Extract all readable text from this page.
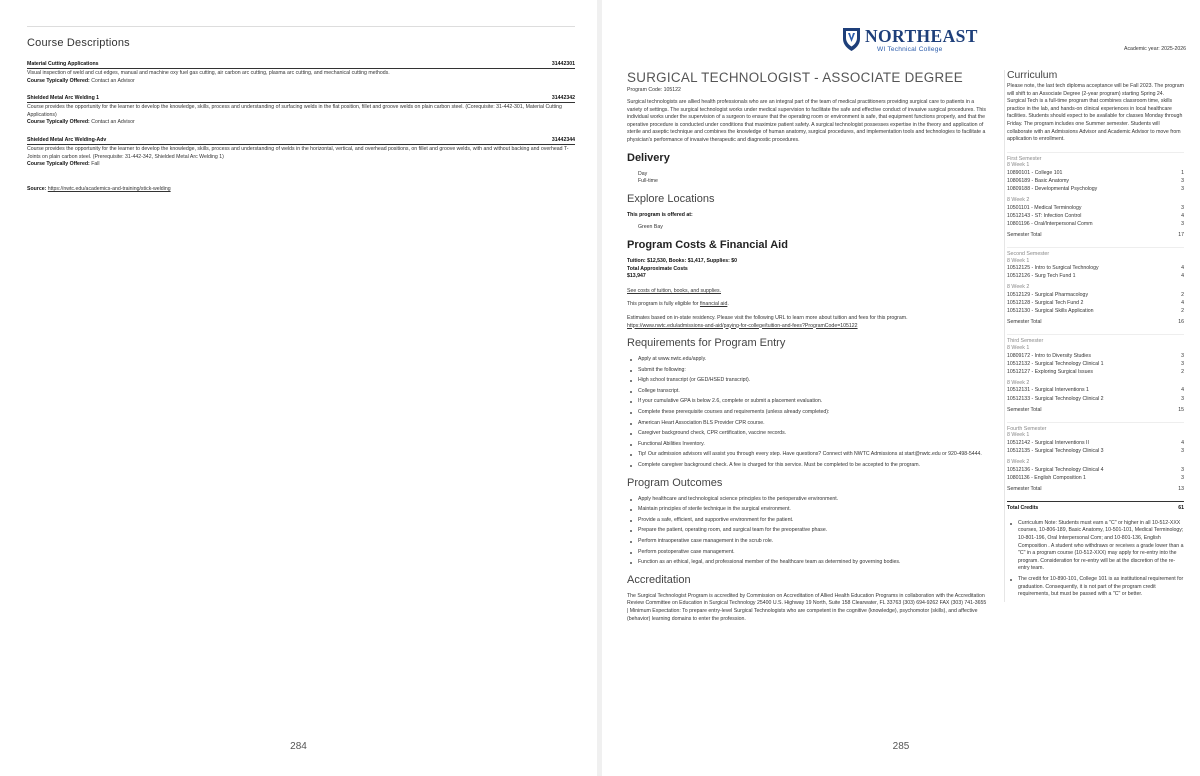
Course Descriptions
Material Cutting Applications	31442301
Visual inspection of weld and cut edges, manual and machine oxy fuel gas cutting, air carbon arc cutting, plasma arc cutting, and mechanical cutting methods.
Course Typically Offered: Contact an Advisor
Shielded Metal Arc Welding 1	31442342
Course provides the opportunity for the learner to develop the knowledge, skills, process and understanding of surfacing welds in the flat position, fillet and groove welds on plain carbon steel. (Corequisite: 31-442-301, Material Cutting Applications)
Course Typically Offered: Contact an Advisor
Shielded Metal Arc Welding-Adv	31442344
Course provides the opportunity for the learner to develop the knowledge, skills, process and understanding of welds in the horizontal, vertical, and overhead positions, on fillet and groove welds, with and without backing and overhead T-Joints on plain carbon steel. (Prerequisite: 31-442-342, Shielded Metal Arc Welding 1)
Course Typically Offered: Fall
Source: https://nwtc.edu/academics-and-training/stick-welding
284
NORTHEAST
WI Technical College	Academic year: 2025-2026
SURGICAL TECHNOLOGIST - ASSOCIATE DEGREE
Program Code: 105122
Surgical technologists are allied health professionals who are an integral part of the team of medical practitioners providing surgical care to patients in a variety of settings. The surgical technologist works under medical supervision to facilitate the safe and effective conduct of invasive surgical procedures. This individual works under the supervision of a surgeon to ensure that the operating room or environment is safe, that equipment functions properly, and that the operative procedure is conducted under conditions that maximize patient safety. A surgical technologist possesses expertise in the theory and application of sterile and aseptic technique and combines the knowledge of human anatomy, surgical procedures, and implementation tools and technologies to facilitate a physician's performance of invasive therapeutic and diagnostic procedures.
Delivery
Day
Full-time
Explore Locations
This program is offered at:
Green Bay
Program Costs & Financial Aid
Tuition: $12,530, Books: $1,417, Supplies: $0
Total Approximate Costs
$13,947
See costs of tuition, books, and supplies.
This program is fully eligible for financial aid.
Estimates based on in-state residency. Please visit the following URL to learn more about tuition and fees for this program.
https://www.nwtc.edu/admissions-and-aid/paying-for-college/tuition-and-fees?ProgramCode=105122
Requirements for Program Entry
Apply at www.nwtc.edu/apply.
Submit the following:
High school transcript (or GED/HSED transcript).
College transcript.
If your cumulative GPA is below 2.6, complete or submit a placement evaluation.
Complete these prerequisite courses and requirements (unless already completed):
American Heart Association BLS Provider CPR course.
Caregiver background check, CPR certification, vaccine records.
Functional Abilities Inventory.
Tip! Our admission advisors will assist you through every step. Have questions? Connect with NWTC Admissions at start@nwtc.edu or 920-498-5444.
Complete caregiver background check. A fee is charged for this service. Must be completed to be accepted to the program.
Program Outcomes
Apply healthcare and technological science principles to the perioperative environment.
Maintain principles of sterile technique in the surgical environment.
Provide a safe, efficient, and supportive environment for the patient.
Prepare the patient, operating room, and surgical team for the preoperative phase.
Perform intraoperative case management in the scrub role.
Perform postoperative case management.
Function as an ethical, legal, and professional member of the healthcare team as determined by governing bodies.
Accreditation
The Surgical Technologist Program is accredited by Commission on Accreditation of Allied Health Education Programs in collaboration with the Accreditation Review Committee on Education in Surgical Technology 25400 U.S. Highway 19 North, Suite 158 Clearwater, FL 33763 (303) 694-9262 FAX (303) 741-3655 | Minimum Expectation: To prepare entry-level Surgical Technologists who are competent in the cognitive (knowledge), psychomotor (skills), and affective (behavior) learning domains to enter the profession.
Curriculum
Please note, the last tech diploma acceptance will be Fall 2023. The program will shift to an Associate Degree (2-year program) starting Spring 24. Surgical Tech is a full-time program that combines classroom time, skills practice in the lab, and hands-on clinical experiences in local healthcare facilities. Students should expect to be available for classes Monday through Friday. The program includes one Summer semester. Students will collaborate with an Admissions Advisor and Academic Advisor to move from application to enrollment.
First Semester
8 Week 1
10890101 - College 101	1
10806189 - Basic Anatomy	3
10809188 - Developmental Psychology	3
8 Week 2
10501101 - Medical Terminology	3
10512143 - ST: Infection Control	4
10801196 - Oral/Interpersonal Comm	3
Semester Total	17
Second Semester
8 Week 1
10512125 - Intro to Surgical Technology	4
10512126 - Surg Tech Fund 1	4
8 Week 2
10512129 - Surgical Pharmacology	2
10512128 - Surgical Tech Fund 2	4
10512130 - Surgical Skills Application	2
Semester Total	16
Third Semester
8 Week 1
10809172 - Intro to Diversity Studies	3
10512132 - Surgical Technology Clinical 1	3
10512127 - Exploring Surgical Issues	2
8 Week 2
10512131 - Surgical Interventions 1	4
10512133 - Surgical Technology Clinical 2	3
Semester Total	15
Fourth Semester
8 Week 1
10512142 - Surgical Interventions II	4
10512135 - Surgical Technology Clinical 3	3
8 Week 2
10512136 - Surgical Technology Clinical 4	3
10801136 - English Composition 1	3
Semester Total	13
Total Credits	61
Curriculum Note: Students must earn a "C" or higher in all 10-512-XXX courses, 10-806-189, Basic Anatomy, 10-501-101, Medical Terminology; 10-801-196, Oral Interpersonal Com; and 10-801-136, English Composition . A student who withdraws or receives a grade lower than a "C" in a program course (10-512-XXX) may apply for re-entry into the program. Consideration for re-entry will be at the discretion of the re-entry team.
The credit for 10-890-101, College 101 is as institutional requirement for graduation. Consequently, it is not part of the program credit requirements, but must be passed with a "C" or better.
285
